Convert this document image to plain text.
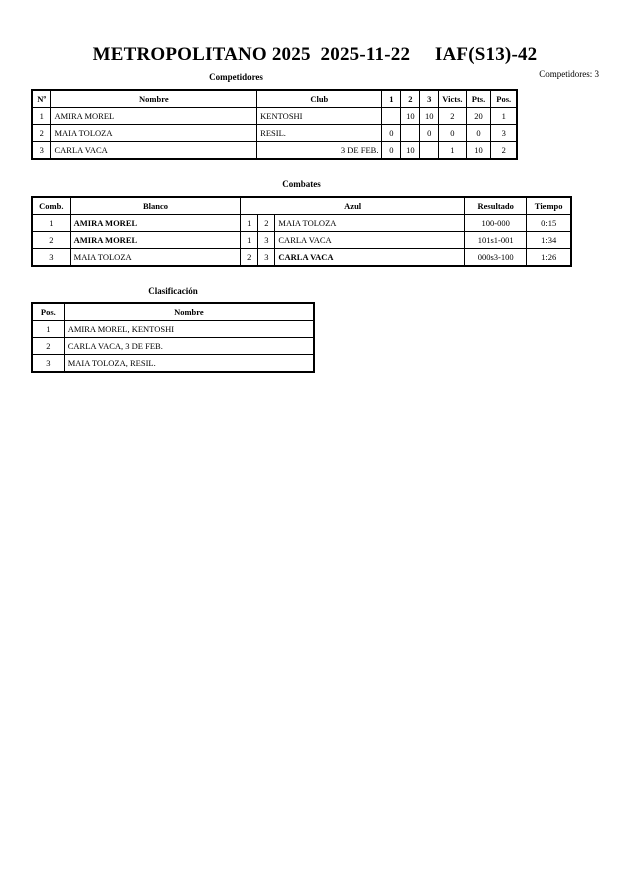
METROPOLITANO 2025  2025-11-22     IAF(S13)-42
Competidores: 3
Competidores
Nº	Nombre	Club	1	2	3	Victs.	Pts.	Pos.
1	AMIRA MOREL	KENTOSHI		10	10	2	20	1
2	MAIA TOLOZA	RESIL.	0		0	0	0	3
3	CARLA VACA	3 DE FEB.	0	10		1	10	2
Combates
Comb.	Blanco	Azul			Resultado	Tiempo
1	AMIRA MOREL	1	2	MAIA TOLOZA	100-000	0:15
2	AMIRA MOREL	1	3	CARLA VACA	101s1-001	1:34
3	MAIA TOLOZA	2	3	CARLA VACA	000s3-100	1:26
Clasificación
Pos.	Nombre
1	AMIRA MOREL, KENTOSHI
2	CARLA VACA, 3 DE FEB.
3	MAIA TOLOZA, RESIL.
